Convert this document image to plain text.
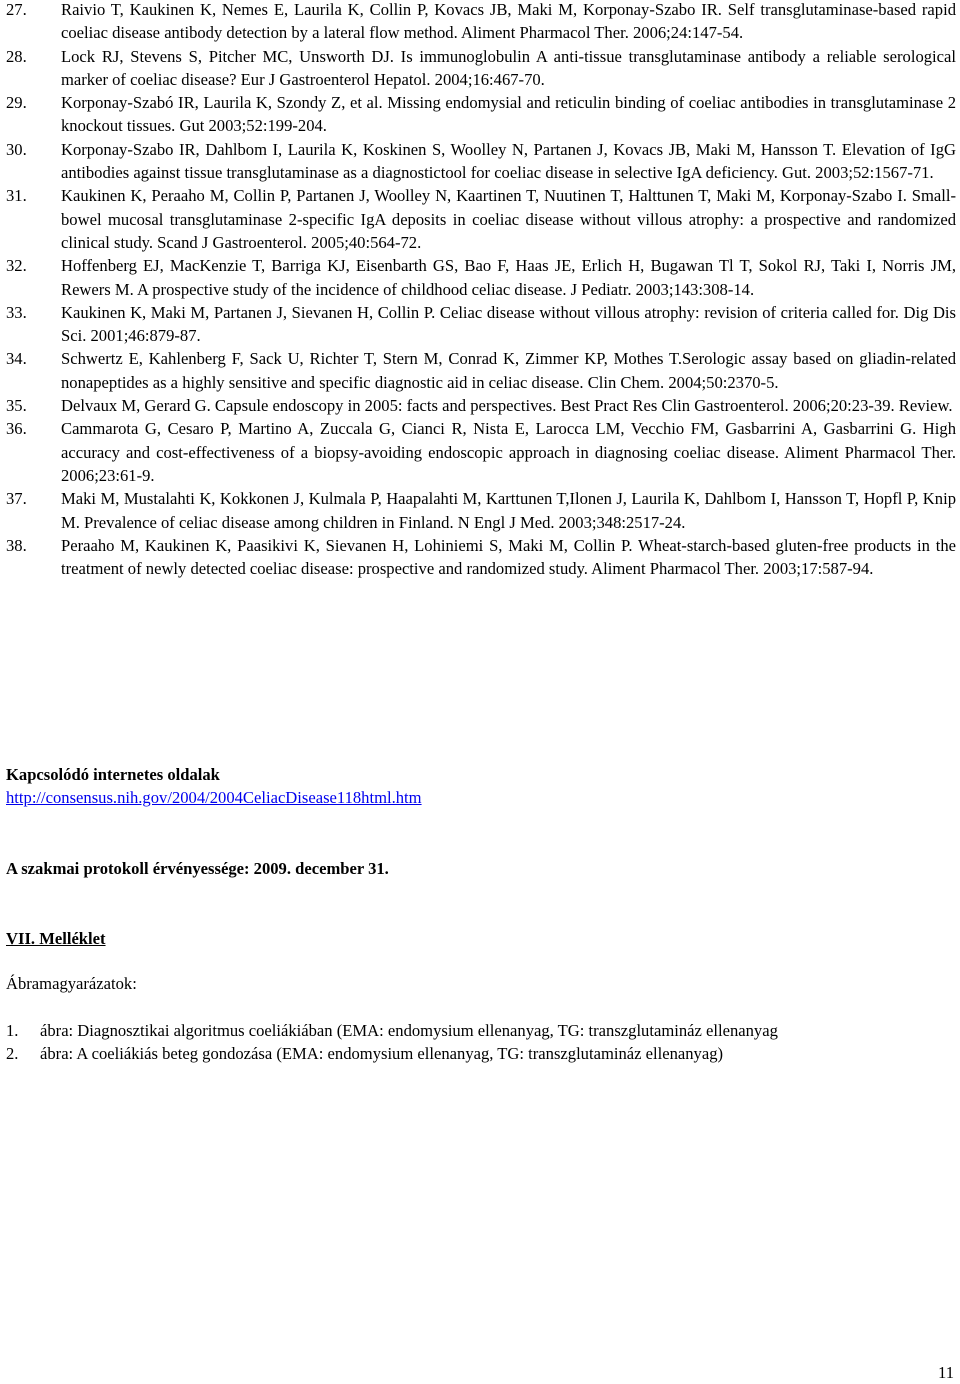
27.	Raivio T, Kaukinen K, Nemes E, Laurila K, Collin P, Kovacs JB, Maki M, Korponay-Szabo IR. Self transglutaminase-based rapid coeliac disease antibody detection by a lateral flow method. Aliment Pharmacol Ther. 2006;24:147-54.
28.	Lock RJ, Stevens S, Pitcher MC, Unsworth DJ. Is immunoglobulin A anti-tissue transglutaminase antibody a reliable serological marker of coeliac disease? Eur J Gastroenterol Hepatol. 2004;16:467-70.
29.	Korponay-Szabó IR, Laurila K, Szondy Z, et al. Missing endomysial and reticulin binding of coeliac antibodies in transglutaminase 2 knockout tissues. Gut 2003;52:199-204.
30.	Korponay-Szabo IR, Dahlbom I, Laurila K, Koskinen S, Woolley N, Partanen J, Kovacs JB, Maki M, Hansson T. Elevation of IgG antibodies against tissue transglutaminase as a diagnostictool for coeliac disease in selective IgA deficiency. Gut. 2003;52:1567-71.
31.	Kaukinen K, Peraaho M, Collin P, Partanen J, Woolley N, Kaartinen T, Nuutinen T, Halttunen T, Maki M, Korponay-Szabo I. Small-bowel mucosal transglutaminase 2-specific IgA deposits in coeliac disease without villous atrophy: a prospective and randomized clinical study. Scand J Gastroenterol. 2005;40:564-72.
32.	Hoffenberg EJ, MacKenzie T, Barriga KJ, Eisenbarth GS, Bao F, Haas JE, Erlich H, Bugawan Tl T, Sokol RJ, Taki I, Norris JM, Rewers M. A prospective study of the incidence of childhood celiac disease. J Pediatr. 2003;143:308-14.
33.	Kaukinen K, Maki M, Partanen J, Sievanen H, Collin P. Celiac disease without villous atrophy: revision of criteria called for. Dig Dis Sci. 2001;46:879-87.
34.	Schwertz E, Kahlenberg F, Sack U, Richter T, Stern M, Conrad K, Zimmer KP, Mothes T.Serologic assay based on gliadin-related nonapeptides as a highly sensitive and specific diagnostic aid in celiac disease. Clin Chem. 2004;50:2370-5.
35.	Delvaux M, Gerard G. Capsule endoscopy in 2005: facts and perspectives. Best Pract Res Clin Gastroenterol. 2006;20:23-39. Review.
36.	Cammarota G, Cesaro P, Martino A, Zuccala G, Cianci R, Nista E, Larocca LM, Vecchio FM, Gasbarrini A, Gasbarrini G. High accuracy and cost-effectiveness of a biopsy-avoiding endoscopic approach in diagnosing coeliac disease. Aliment Pharmacol Ther. 2006;23:61-9.
37.	Maki M, Mustalahti K, Kokkonen J, Kulmala P, Haapalahti M, Karttunen T,Ilonen J, Laurila K, Dahlbom I, Hansson T, Hopfl P, Knip M. Prevalence of celiac disease among children in Finland. N Engl J Med. 2003;348:2517-24.
38.	Peraaho M, Kaukinen K, Paasikivi K, Sievanen H, Lohiniemi S, Maki M, Collin P. Wheat-starch-based gluten-free products in the treatment of newly detected coeliac disease: prospective and randomized study. Aliment Pharmacol Ther. 2003;17:587-94.
Kapcsolódó internetes oldalak
http://consensus.nih.gov/2004/2004CeliacDisease118html.htm
A szakmai protokoll érvényessége: 2009. december 31.
VII. Melléklet
Ábramagyarázatok:
1. ábra: Diagnosztikai algoritmus coeliákiában (EMA: endomysium ellenanyag, TG: transzglutamináz ellenanyag
2. ábra: A coeliákiás beteg gondozása (EMA: endomysium ellenanyag, TG: transzglutamináz ellenanyag)
11
